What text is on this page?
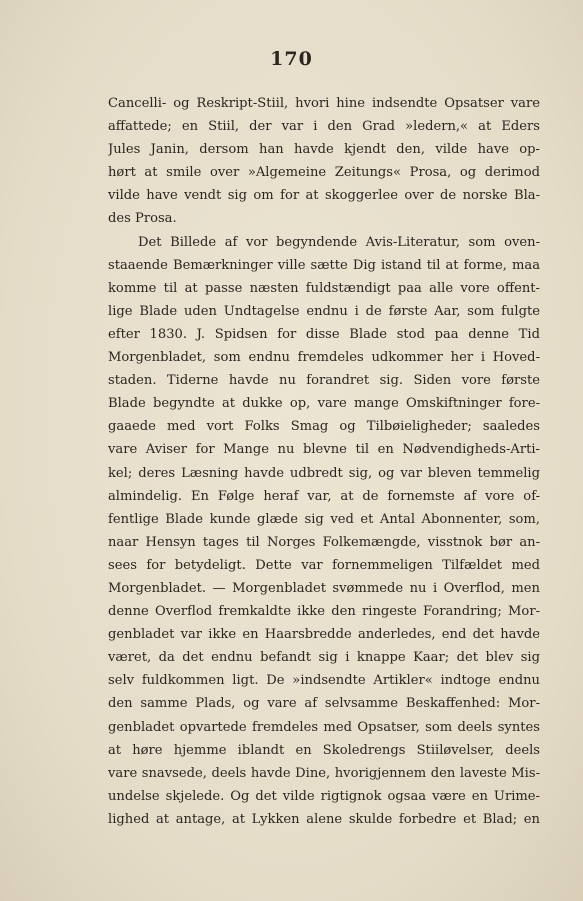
170
Cancelli- og Reskript-Stiil, hvori hine indsendte Opsatser vare
affattede; en Stiil, der var i den Grad »ledern,« at Eders
Jules Janin, dersom han havde kjendt den, vilde have op-
hørt at smile over »Algemeine Zeitungs« Prosa, og derimod
vilde have vendt sig om for at skoggerlee over de norske Bla-
des Prosa.
Det Billede af vor begyndende Avis-Literatur, som oven-
staaende Bemærkninger ville sætte Dig istand til at forme, maa
komme til at passe næsten fuldstændigt paa alle vore offent-
lige Blade uden Undtagelse endnu i de første Aar, som fulgte
efter 1830. J. Spidsen for disse Blade stod paa denne Tid
Morgenbladet, som endnu fremdeles udkommer her i Hoved-
staden. Tiderne havde nu forandret sig. Siden vore første
Blade begyndte at dukke op, vare mange Omskiftninger fore-
gaaede med vort Folks Smag og Tilbøieligheder; saaledes
vare Aviser for Mange nu blevne til en Nødvendigheds-Arti-
kel; deres Læsning havde udbredt sig, og var bleven temmelig
almindelig. En Følge heraf var, at de fornemste af vore of-
fentlige Blade kunde glæde sig ved et Antal Abonnenter, som,
naar Hensyn tages til Norges Folkemængde, visstnok bør an-
sees for betydeligt. Dette var fornemmeligen Tilfældet med
Morgenbladet. — Morgenbladet svømmede nu i Overflod, men
denne Overflod fremkaldte ikke den ringeste Forandring; Mor-
genbladet var ikke en Haarsbredde anderledes, end det havde
været, da det endnu befandt sig i knappe Kaar; det blev sig
selv fuldkommen ligt. De »indsendte Artikler« indtoge endnu
den samme Plads, og vare af selvsamme Beskaffenhed: Mor-
genbladet opvartede fremdeles med Opsatser, som deels syntes
at høre hjemme iblandt en Skoledrengs Stiiløvelser, deels
vare snavsede, deels havde Dine, hvorigjennem den laveste Mis-
undelse skjelede. Og det vilde rigtignok ogsaa være en Urime-
lighed at antage, at Lykken alene skulde forbedre et Blad; en
